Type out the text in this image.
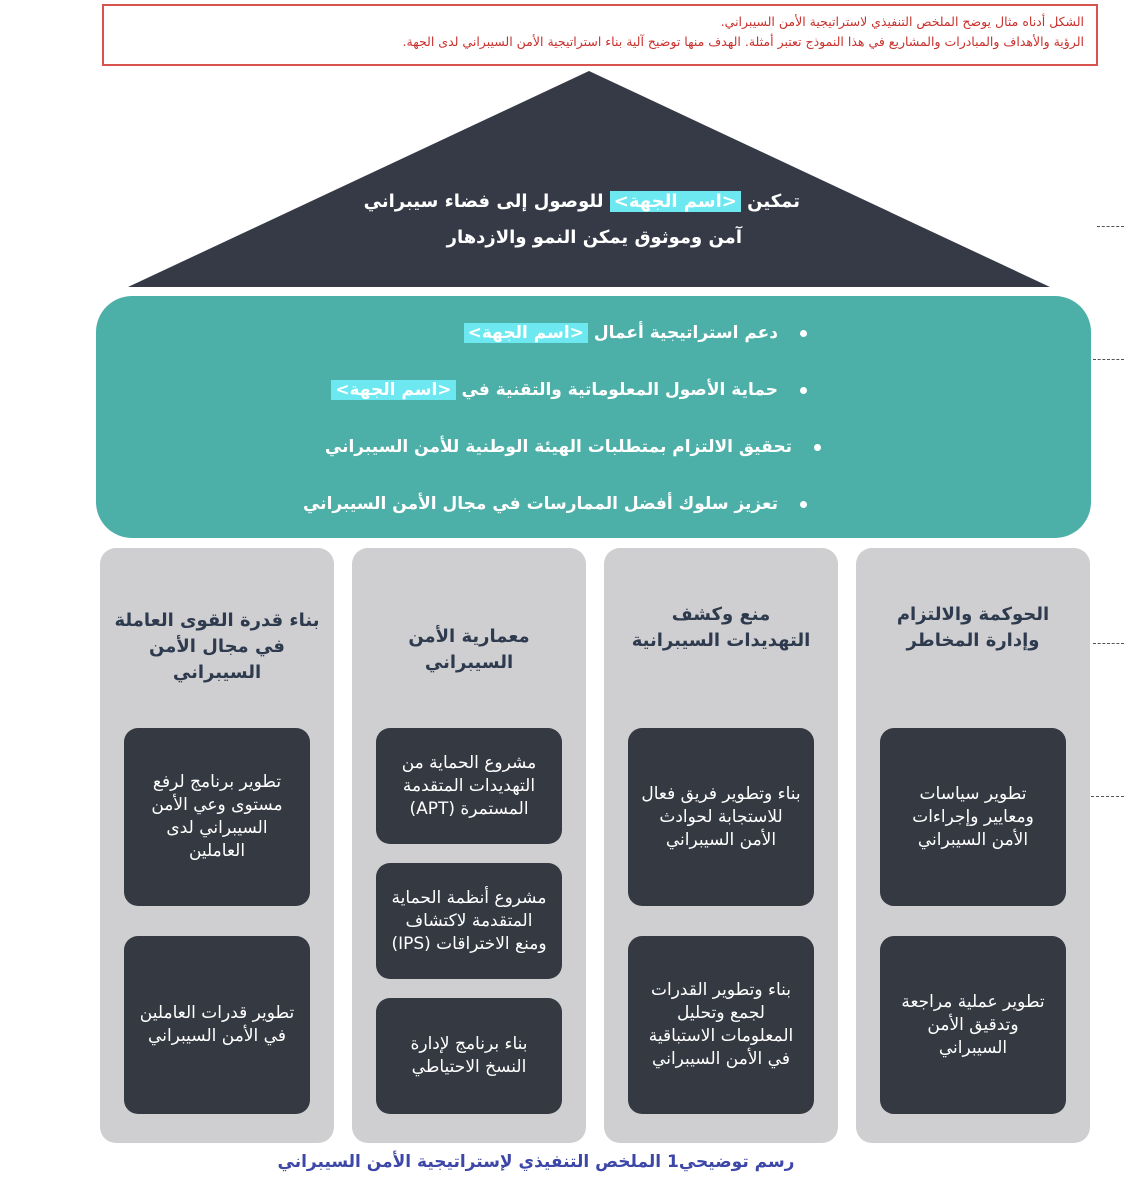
الشكل أدناه مثال يوضح الملخص التنفيذي لاستراتيجية الأمن السيبراني.
الرؤية والأهداف والمبادرات والمشاريع في هذا النموذج تعتبر أمثلة. الهدف منها توضيح آلية بناء استراتيجية الأمن السيبراني لدى الجهة.
تمكين <اسم الجهة> للوصول إلى فضاء سيبراني
آمن وموثوق يمكن النمو والازدهار
دعم استراتيجية أعمال <اسم الجهة>
حماية الأصول المعلوماتية والتقنية في <اسم الجهة>
تحقيق الالتزام بمتطلبات الهيئة الوطنية للأمن السيبراني
تعزيز سلوك أفضل الممارسات في مجال الأمن السيبراني
الحوكمة والالتزام وإدارة المخاطر
تطوير سياسات ومعايير وإجراءات الأمن السيبراني
تطوير عملية مراجعة وتدقيق الأمن السيبراني
منع وكشف التهديدات السيبرانية
بناء وتطوير فريق فعال للاستجابة لحوادث الأمن السيبراني
بناء وتطوير القدرات لجمع وتحليل المعلومات الاستباقية في الأمن السيبراني
معمارية الأمن السيبراني
مشروع الحماية من التهديدات المتقدمة المستمرة (APT)
مشروع أنظمة الحماية المتقدمة لاكتشاف ومنع الاختراقات (IPS)
بناء برنامج لإدارة النسخ الاحتياطي
بناء قدرة القوى العاملة في مجال الأمن السيبراني
تطوير برنامج لرفع مستوى وعي الأمن السيبراني لدى العاملين
تطوير قدرات العاملين في الأمن السيبراني
رسم توضيحي1 الملخص التنفيذي لإستراتيجية الأمن السيبراني
